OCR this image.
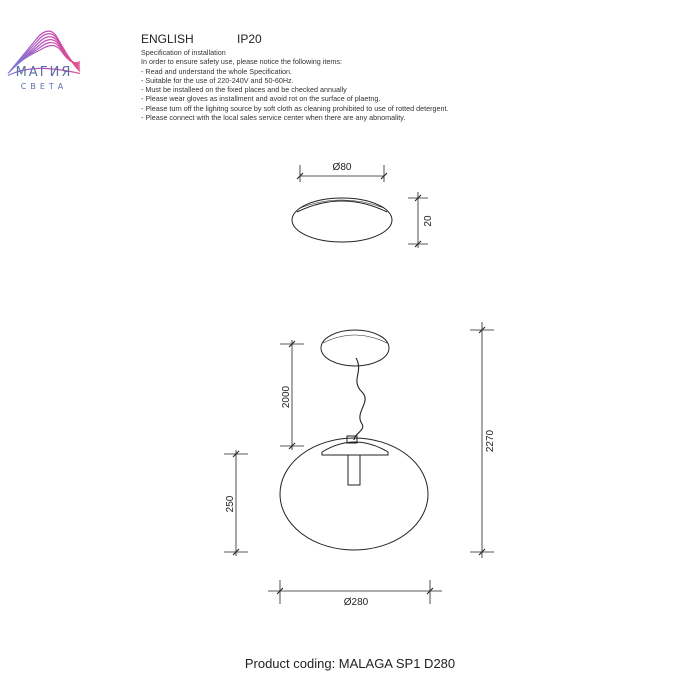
МАГИЯ
СВЕТА
ENGLISH	IP20
Specification of installation
In order to ensure safety use, please notice the following items:
- Read and understand the whole Specification.
- Suitable for the use of 220-240V and 50-60Hz.
- Must be installeed on the fixed places and be checked annually
- Please wear gloves as installment and avoid rot on the surface of plaetng.
- Please turn off the lighitng source by soft cloth as cleaning prohibited to use of rotted detergent.
- Please connect with the local sales service center when there are any abnomality.
Ø80
20
2000
250
2270
Ø280
Product coding: MALAGA SP1 D280
